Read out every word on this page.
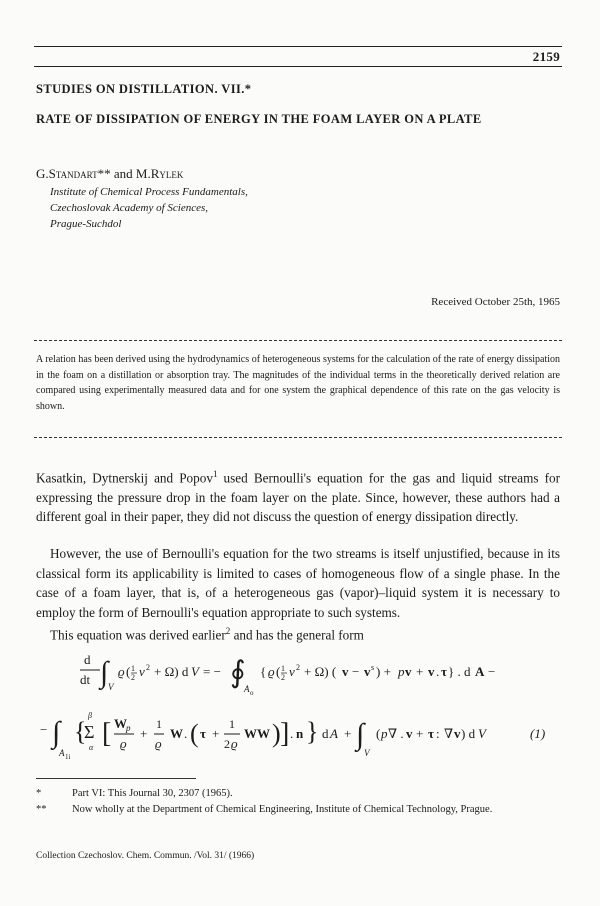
2159
STUDIES ON DISTILLATION. VII.*
RATE OF DISSIPATION OF ENERGY IN THE FOAM LAYER ON A PLATE
G.Standart** and M.Rylek
Institute of Chemical Process Fundamentals,
Czechoslovak Academy of Sciences,
Prague-Suchdol
Received October 25th, 1965
A relation has been derived using the hydrodynamics of heterogeneous systems for the calculation of the rate of energy dissipation in the foam on a distillation or absorption tray. The magnitudes of the individual terms in the theoretically derived relation are compared using experimentally measured data and for one system the graphical dependence of this rate on the gas velocity is shown.

Kasatkin, Dytnerskij and Popov$^1$ used Bernoulli's equation for the gas and liquid streams for expressing the pressure drop in the foam layer on the plate. Since, however, these authors had a different goal in their paper, they did not discuss the question of energy dissipation directly.

However, the use of Bernoulli's equation for the two streams is itself unjustified, because in its classical form its applicability is limited to cases of homogeneous flow of a single phase. In the case of a foam layer, that is, of a heterogeneous gas (vapor)–liquid system it is necessary to employ the form of Bernoulli's equation appropriate to such systems.

This equation was derived earlier$^2$ and has the general form

d
dt ∫ V
ϱ ( 1
2 v 2 + Ω) d V = − ∮
A o
{ ϱ ( 1
2 v 2 + Ω) ( v − v s ) + p v + v . τ } . d A −
− ∫
A 1i
{
β
Σ
α [ W p
ϱ
+
1
ϱ
W . ( τ +
1
2 ϱ
WW ) ] . n } d A + ∫
V
( p ∇ . v + τ : ∇ v ) d V	(1)
*	Part VI: This Journal 30, 2307 (1965).
** Now wholly at the Department of Chemical Engineering, Institute of Chemical Technology, Prague.
Collection Czechoslov. Chem. Commun. /Vol. 31/ (1966)
